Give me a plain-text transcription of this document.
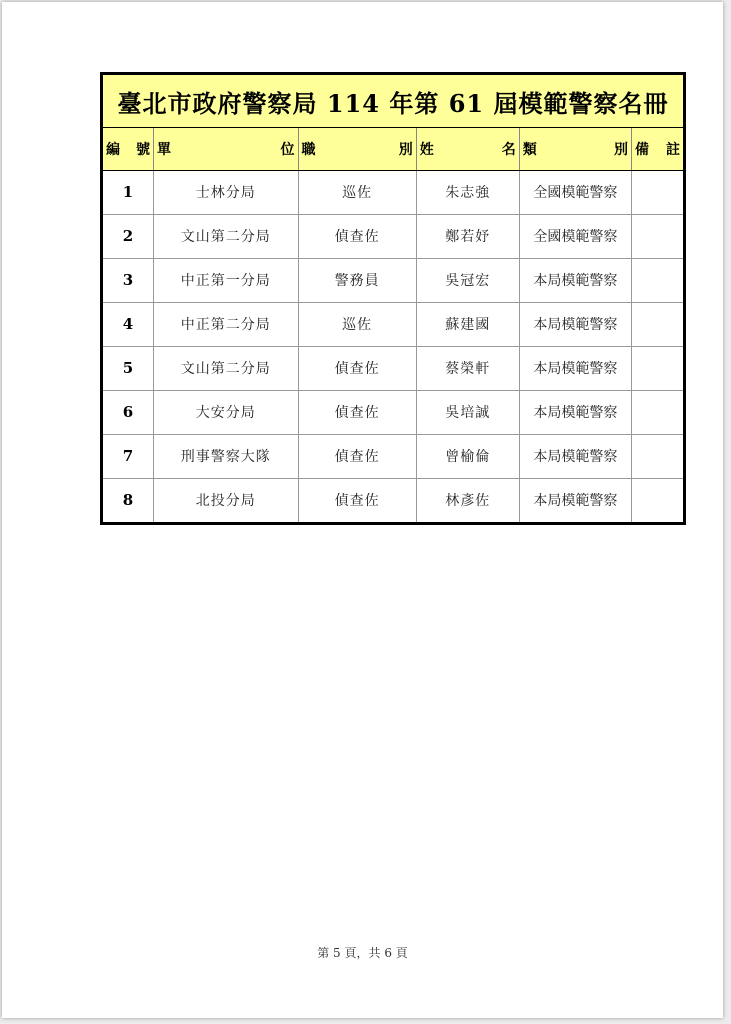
臺北市政府警察局 114 年第 61 屆模範警察名冊
編 號	單 位	職 別	姓 名	類 別	備 註

1	士林分局	巡佐	朱志強	全國模範警察	
2	文山第二分局	偵查佐	鄭若妤	全國模範警察	
3	中正第一分局	警務員	吳冠宏	本局模範警察	
4	中正第二分局	巡佐	蘇建國	本局模範警察	
5	文山第二分局	偵查佐	蔡榮軒	本局模範警察	
6	大安分局	偵查佐	吳培誠	本局模範警察	
7	刑事警察大隊	偵查佐	曾榆倫	本局模範警察	
8	北投分局	偵查佐	林彥佐	本局模範警察	
第 5 頁，共 6 頁
